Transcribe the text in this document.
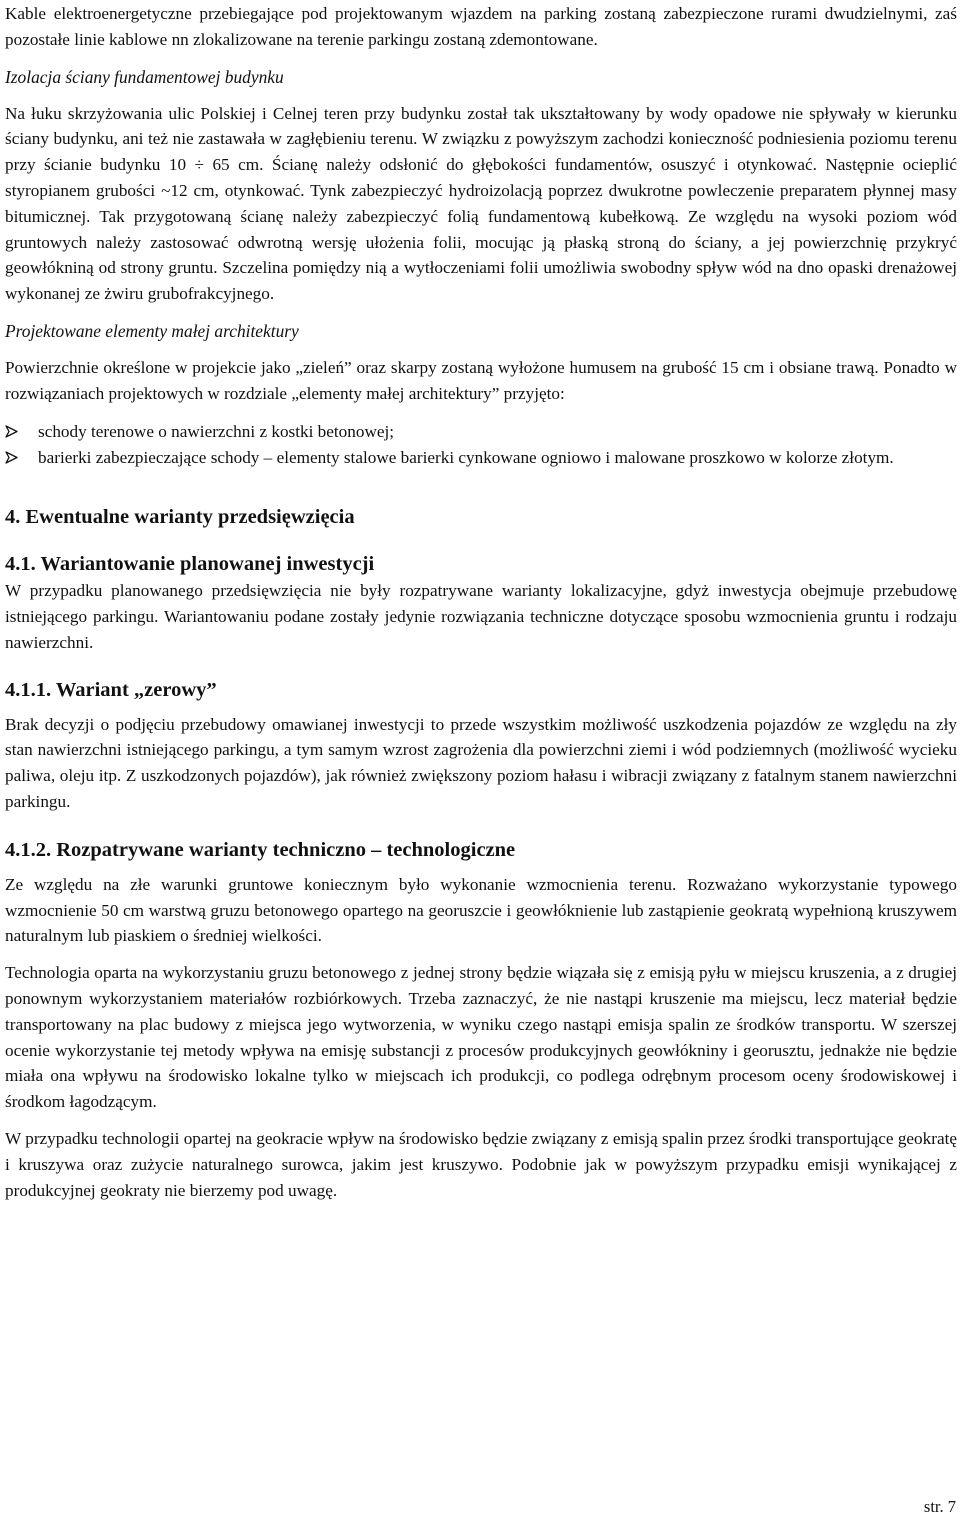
Kable elektroenergetyczne przebiegające pod projektowanym wjazdem na parking zostaną zabezpieczone rurami dwudzielnymi, zaś pozostałe linie kablowe nn zlokalizowane na terenie parkingu zostaną zdemontowane.

Izolacja ściany fundamentowej budynku

Na łuku skrzyżowania ulic Polskiej i Celnej teren przy budynku został tak ukształtowany by wody opadowe nie spływały w kierunku ściany budynku, ani też nie zastawała w zagłębieniu terenu. W związku z powyższym zachodzi konieczność podniesienia poziomu terenu przy ścianie budynku 10 ÷ 65 cm. Ścianę należy odsłonić do głębokości fundamentów, osuszyć i otynkować. Następnie ocieplić styropianem grubości ~12 cm, otynkować. Tynk zabezpieczyć hydroizolacją poprzez dwukrotne powleczenie preparatem płynnej masy bitumicznej. Tak przygotowaną ścianę należy zabezpieczyć folią fundamentową kubełkową. Ze względu na wysoki poziom wód gruntowych należy zastosować odwrotną wersję ułożenia folii, mocując ją płaską stroną do ściany, a jej powierzchnię przykryć geowłókniną od strony gruntu. Szczelina pomiędzy nią a wytłoczeniami folii umożliwia swobodny spływ wód na dno opaski drenażowej wykonanej ze żwiru grubofrakcyjnego.

Projektowane elementy małej architektury

Powierzchnie określone w projekcie jako „zieleń” oraz skarpy zostaną wyłożone humusem na grubość 15 cm i obsiane trawą. Ponadto w rozwiązaniach projektowych w rozdziale „elementy małej architektury” przyjęto:

schody terenowe o nawierzchni z kostki betonowej;
barierki zabezpieczające schody – elementy stalowe barierki cynkowane ogniowo i malowane proszkowo w kolorze złotym.
4. Ewentualne warianty przedsięwzięcia
4.1. Wariantowanie planowanej inwestycji

W przypadku planowanego przedsięwzięcia nie były rozpatrywane warianty lokalizacyjne, gdyż inwestycja obejmuje przebudowę istniejącego parkingu. Wariantowaniu podane zostały jedynie rozwiązania techniczne dotyczące sposobu wzmocnienia gruntu i rodzaju nawierzchni.

4.1.1. Wariant „zerowy”

Brak decyzji o podjęciu przebudowy omawianej inwestycji to przede wszystkim możliwość uszkodzenia pojazdów ze względu na zły stan nawierzchni istniejącego parkingu, a tym samym wzrost zagrożenia dla powierzchni ziemi i wód podziemnych (możliwość wycieku paliwa, oleju itp. Z uszkodzonych pojazdów), jak również zwiększony poziom hałasu i wibracji związany z fatalnym stanem nawierzchni parkingu.

4.1.2. Rozpatrywane warianty techniczno – technologiczne

Ze względu na złe warunki gruntowe koniecznym było wykonanie wzmocnienia terenu. Rozważano wykorzystanie typowego wzmocnienie 50 cm warstwą gruzu betonowego opartego na georuszcie i geowłóknienie lub zastąpienie geokratą wypełnioną kruszywem naturalnym lub piaskiem o średniej wielkości.

Technologia oparta na wykorzystaniu gruzu betonowego z jednej strony będzie wiązała się z emisją pyłu w miejscu kruszenia, a z drugiej ponownym wykorzystaniem materiałów rozbiórkowych. Trzeba zaznaczyć, że nie nastąpi kruszenie ma miejscu, lecz materiał będzie transportowany na plac budowy z miejsca jego wytworzenia, w wyniku czego nastąpi emisja spalin ze środków transportu. W szerszej ocenie wykorzystanie tej metody wpływa na emisję substancji z procesów produkcyjnych geowłókniny i georusztu, jednakże nie będzie miała ona wpływu na środowisko lokalne tylko w miejscach ich produkcji, co podlega odrębnym procesom oceny środowiskowej i środkom łagodzącym.

W przypadku technologii opartej na geokracie wpływ na środowisko będzie związany z emisją spalin przez środki transportujące geokratę i kruszywa oraz zużycie naturalnego surowca, jakim jest kruszywo. Podobnie jak w powyższym przypadku emisji wynikającej z produkcyjnej geokraty nie bierzemy pod uwagę.

str. 7
